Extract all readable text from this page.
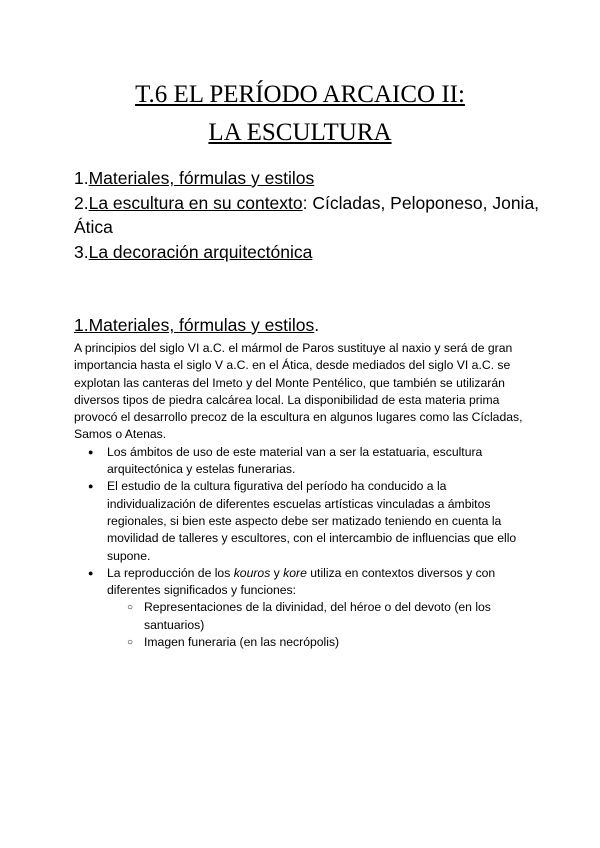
T.6 EL PERÍODO ARCAICO II:
LA ESCULTURA
1.Materiales, fórmulas y estilos
2.La escultura en su contexto: Cícladas, Peloponeso, Jonia, Ática
3.La decoración arquitectónica
1.Materiales, fórmulas y estilos.

A principios del siglo VI a.C. el mármol de Paros sustituye al naxio y será de gran importancia hasta el siglo V a.C. en el Ática, desde mediados del siglo VI a.C. se explotan las canteras del Imeto y del Monte Pentélico, que también se utilizarán diversos tipos de piedra calcárea local. La disponibilidad de esta materia prima provocó el desarrollo precoz de la escultura en algunos lugares como las Cícladas, Samos o Atenas.

● Los ámbitos de uso de este material van a ser la estatuaria, escultura arquitectónica y estelas funerarias.
● El estudio de la cultura figurativa del período ha conducido a la individualización de diferentes escuelas artísticas vinculadas a ámbitos regionales, si bien este aspecto debe ser matizado teniendo en cuenta la movilidad de talleres y escultores, con el intercambio de influencias que ello supone.
● La reproducción de los kouros y kore utiliza en contextos diversos y con diferentes significados y funciones:
○ Representaciones de la divinidad, del héroe o del devoto (en los santuarios)
○ Imagen funeraria (en las necrópolis)
